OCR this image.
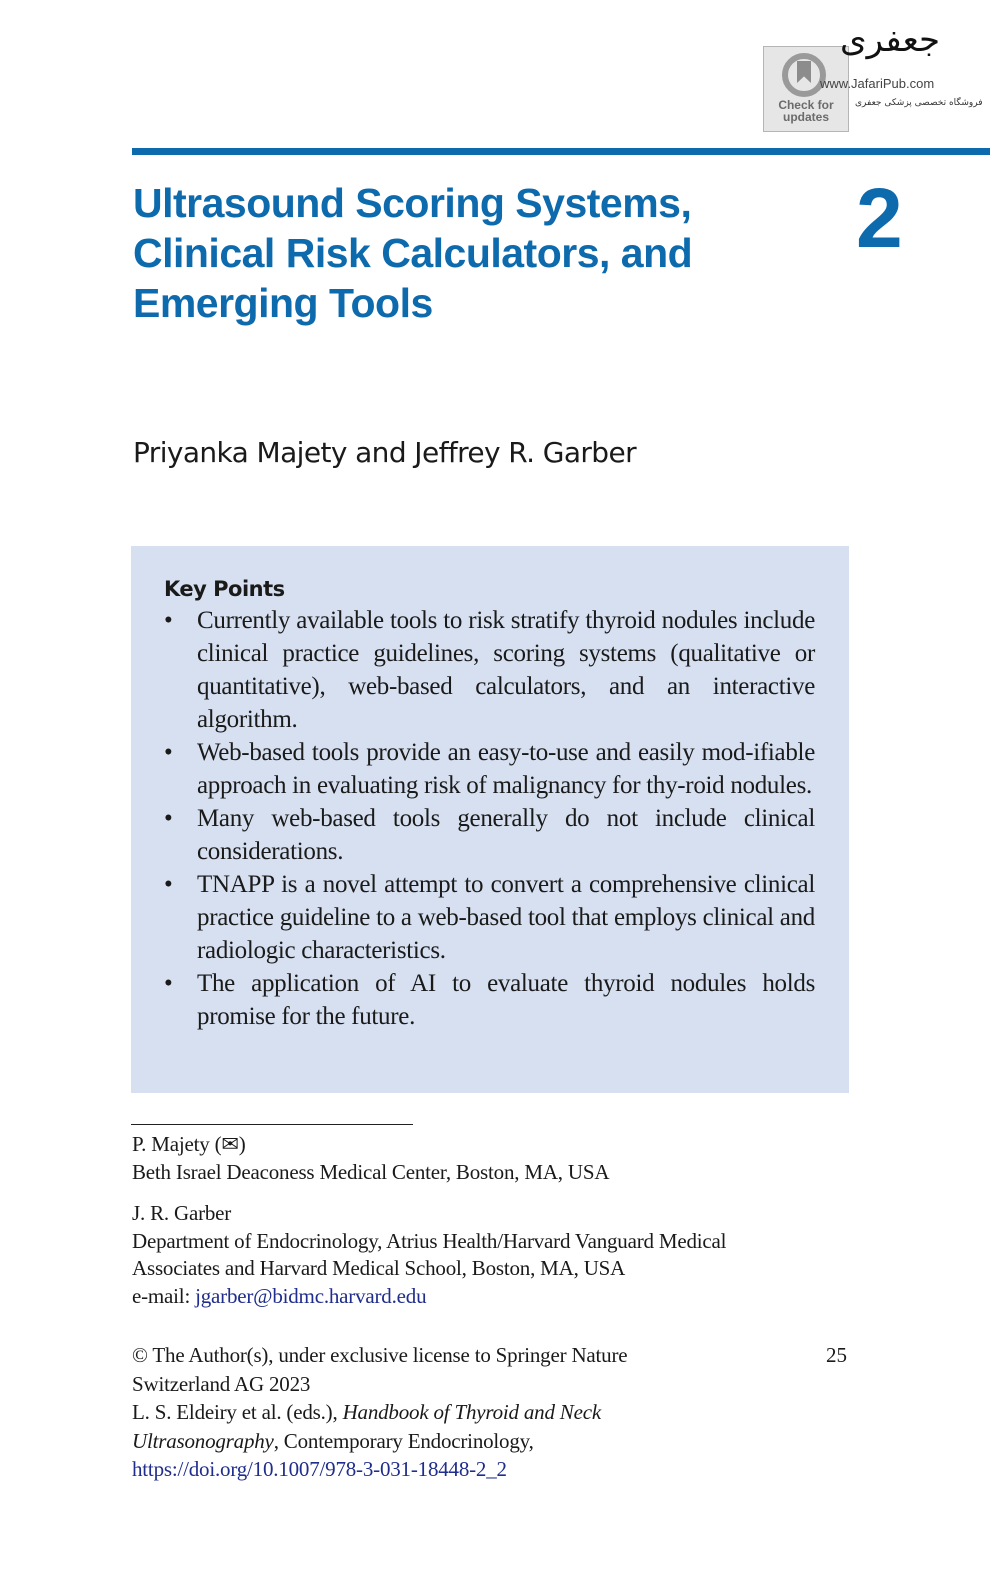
Check for
updates
جعفری
www.JafariPub.com
فروشگاه تخصصی پزشکی جعفری
Ultrasound Scoring Systems, Clinical Risk Calculators, and Emerging Tools
2
Priyanka Majety and Jeffrey R. Garber
Key Points
• Currently available tools to risk stratify thyroid nodules include clinical practice guidelines, scoring systems (qualitative or quantitative), web-based calculators, and an interactive algorithm.
• Web-based tools provide an easy-to-use and easily mod-ifiable approach in evaluating risk of malignancy for thy-roid nodules.
• Many web-based tools generally do not include clinical considerations.
• TNAPP is a novel attempt to convert a comprehensive clinical practice guideline to a web-based tool that employs clinical and radiologic characteristics.
• The application of AI to evaluate thyroid nodules holds promise for the future.
P. Majety (✉)
Beth Israel Deaconess Medical Center, Boston, MA, USA
J. R. Garber
Department of Endocrinology, Atrius Health/Harvard Vanguard Medical
Associates and Harvard Medical School, Boston, MA, USA
e-mail: jgarber@bidmc.harvard.edu
© The Author(s), under exclusive license to Springer Nature
Switzerland AG 2023
L. S. Eldeiry et al. (eds.), Handbook of Thyroid and Neck
Ultrasonography, Contemporary Endocrinology,
https://doi.org/10.1007/978-3-031-18448-2_2
25
